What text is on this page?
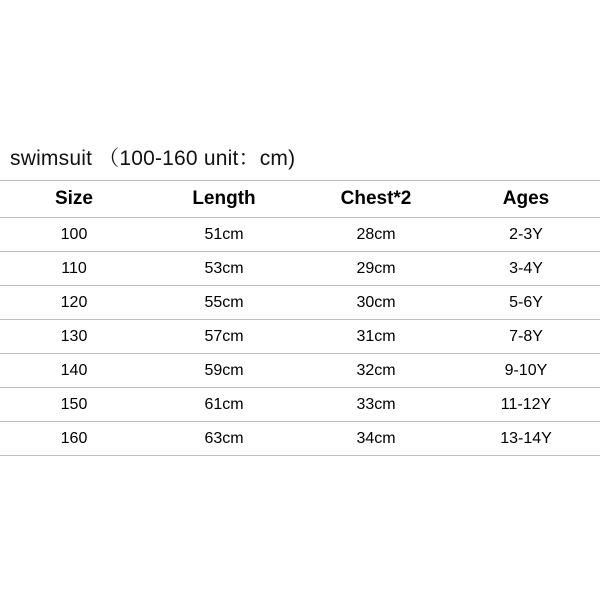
swimsuit （100-160 unit：cm)
Size	Length	Chest*2	Ages
100	51cm	28cm	2-3Y
110	53cm	29cm	3-4Y
120	55cm	30cm	5-6Y
130	57cm	31cm	7-8Y
140	59cm	32cm	9-10Y
150	61cm	33cm	11-12Y
160	63cm	34cm	13-14Y
